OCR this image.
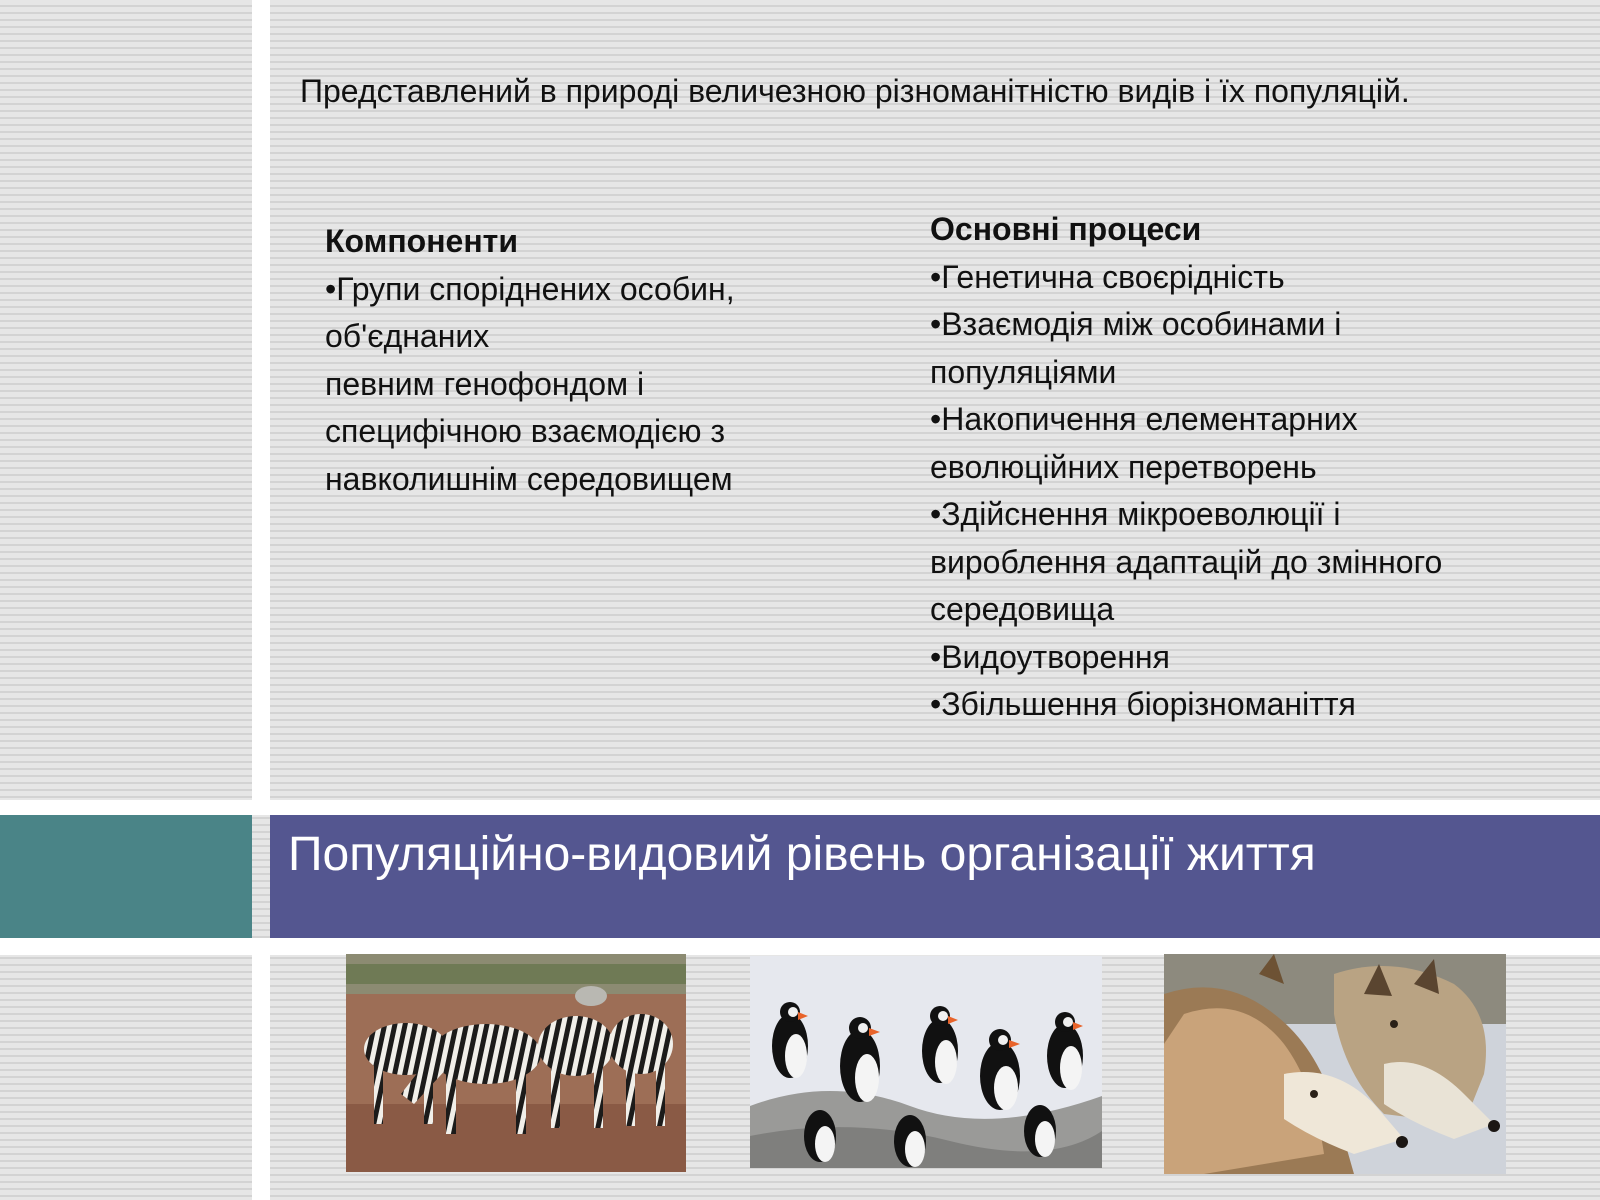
Представлений в природі величезною різноманітністю видів і їх популяцій.

Компоненти
•Групи споріднених особин,
об'єднаних
певним генофондом і
специфічною взаємодією з
навколишнім середовищем
Основні процеси
•Генетична своєрідність
•Взаємодія між особинами і
популяціями
•Накопичення елементарних
еволюційних перетворень
•Здійснення мікроеволюції і
вироблення адаптацій до змінного
середовища
•Видоутворення
•Збільшення біорізноманіття
Популяційно-видовий рівень організації життя
